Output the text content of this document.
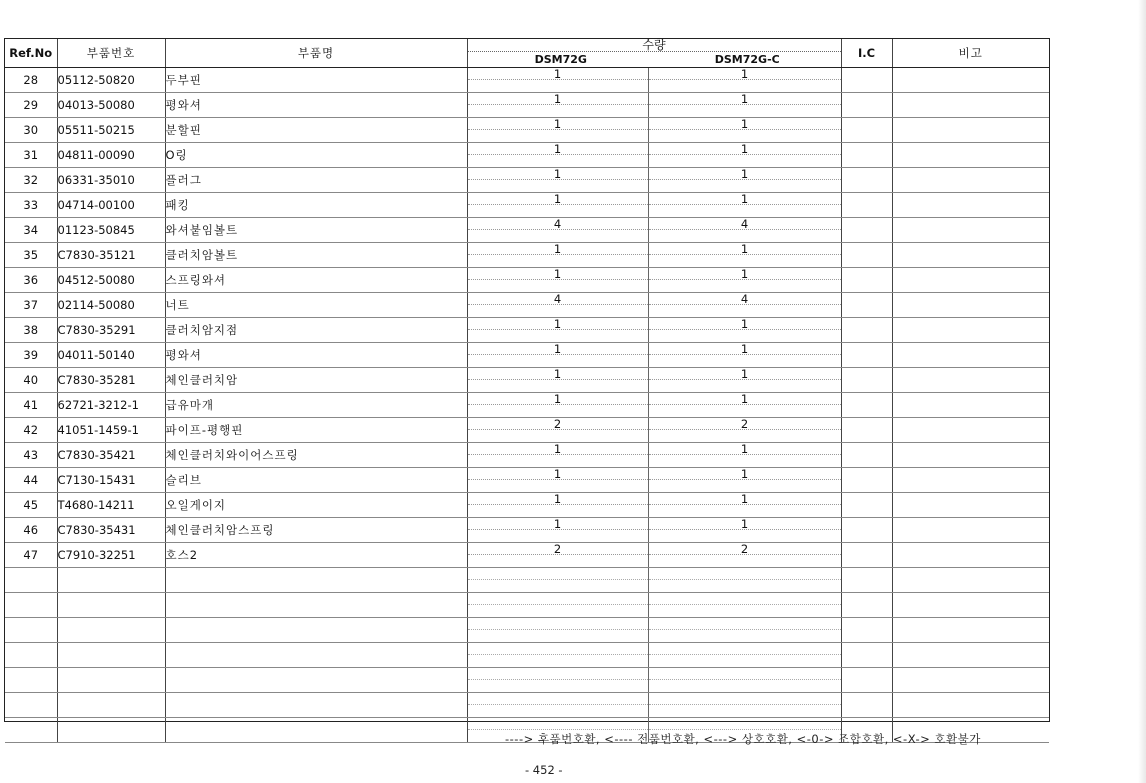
Ref.No	부품번호	부품명	수량
DSM72G DSM72G-C		I.C	비고
28	05112-50820	두부핀	1	1

29	04013-50080	평와셔	1	1

30	05511-50215	분할핀	1	1

31	04811-00090	O링	1	1

32	06331-35010	플러그	1	1

33	04714-00100	패킹	1	1

34	01123-50845	와셔붙임볼트	4	4

35	C7830-35121	클러치암볼트	1	1

36	04512-50080	스프링와셔	1	1

37	02114-50080	너트	4	4

38	C7830-35291	클러치암지점	1	1

39	04011-50140	평와셔	1	1

40	C7830-35281	체인클러치암	1	1

41	62721-3212-1	급유마개	1	1

42	41051-1459-1	파이프-평행핀	2	2

43	C7830-35421	체인클러치와이어스프링	1	1

44	C7130-15431	슬리브	1	1

45	T4680-14211	오일게이지	1	1

46	C7830-35431	체인클러치암스프링	1	1

47	C7910-32251	호스2	2	2

----> 후품번호환, <---- 전품번호환, <---> 상호호환, <-0-> 조합호환, <-X-> 호환불가
- 452 -
